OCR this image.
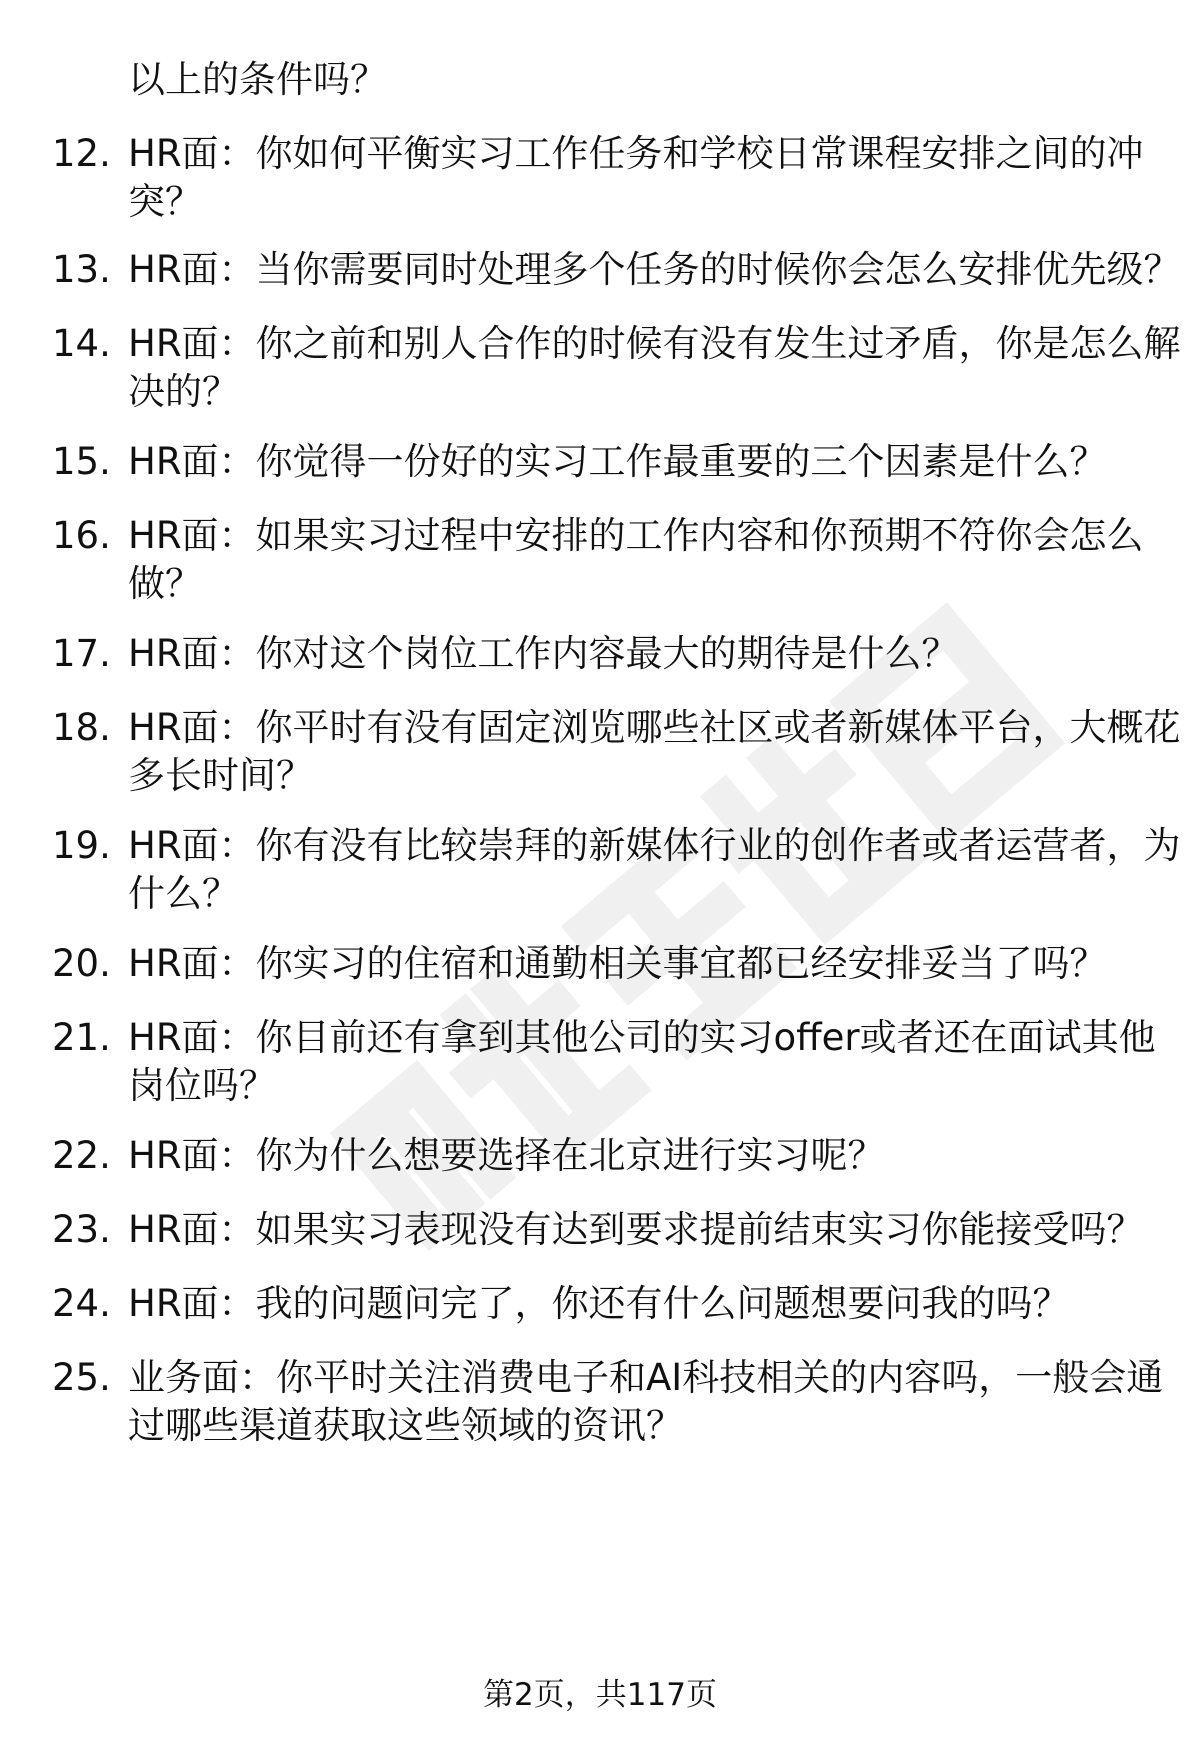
以上的条件吗？
12. HR面：你如何平衡实习工作任务和学校日常课程安排之间的冲
突？
13. HR面：当你需要同时处理多个任务的时候你会怎么安排优先级？
14. HR面：你之前和别人合作的时候有没有发生过矛盾，你是怎么解
决的？
15. HR面：你觉得一份好的实习工作最重要的三个因素是什么？
16. HR面：如果实习过程中安排的工作内容和你预期不符你会怎么
做？
17. HR面：你对这个岗位工作内容最大的期待是什么？
18. HR面：你平时有没有固定浏览哪些社区或者新媒体平台，大概花
多长时间？
19. HR面：你有没有比较崇拜的新媒体行业的创作者或者运营者，为
什么？
20. HR面：你实习的住宿和通勤相关事宜都已经安排妥当了吗？
21. HR面：你目前还有拿到其他公司的实习offer或者还在面试其他
岗位吗？
22. HR面：你为什么想要选择在北京进行实习呢？
23. HR面：如果实习表现没有达到要求提前结束实习你能接受吗？
24. HR面：我的问题问完了，你还有什么问题想要问我的吗？
25. 业务面：你平时关注消费电子和AI科技相关的内容吗，一般会通
过哪些渠道获取这些领域的资讯？
第2页，共117页
